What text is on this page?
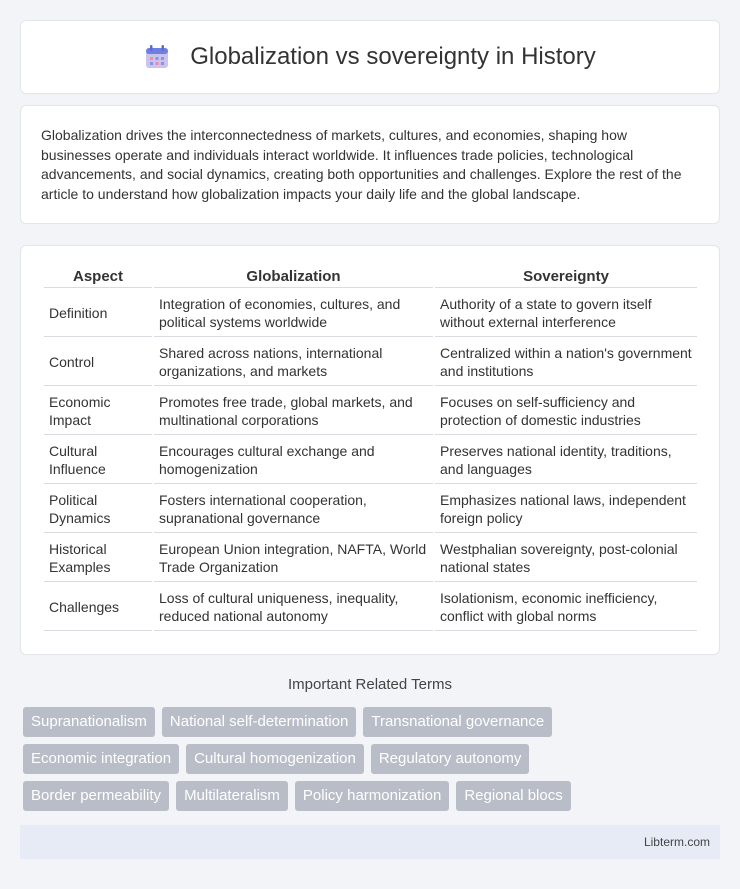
Globalization vs sovereignty in History

Globalization drives the interconnectedness of markets, cultures, and economies, shaping how businesses operate and individuals interact worldwide. It influences trade policies, technological advancements, and social dynamics, creating both opportunities and challenges. Explore the rest of the article to understand how globalization impacts your daily life and the global landscape.

Aspect	Globalization	Sovereignty
Definition	Integration of economies, cultures, and political systems worldwide	Authority of a state to govern itself without external interference
Control	Shared across nations, international organizations, and markets	Centralized within a nation's government and institutions
Economic Impact	Promotes free trade, global markets, and multinational corporations	Focuses on self-sufficiency and protection of domestic industries
Cultural Influence	Encourages cultural exchange and homogenization	Preserves national identity, traditions, and languages
Political Dynamics	Fosters international cooperation, supranational governance	Emphasizes national laws, independent foreign policy
Historical Examples	European Union integration, NAFTA, World Trade Organization	Westphalian sovereignty, post-colonial national states
Challenges	Loss of cultural uniqueness, inequality, reduced national autonomy	Isolationism, economic inefficiency, conflict with global norms
Important Related Terms
Supranationalism	National self-determination	Transnational governance
Economic integration	Cultural homogenization	Regulatory autonomy
Border permeability	Multilateralism	Policy harmonization	Regional blocs
Libterm.com
